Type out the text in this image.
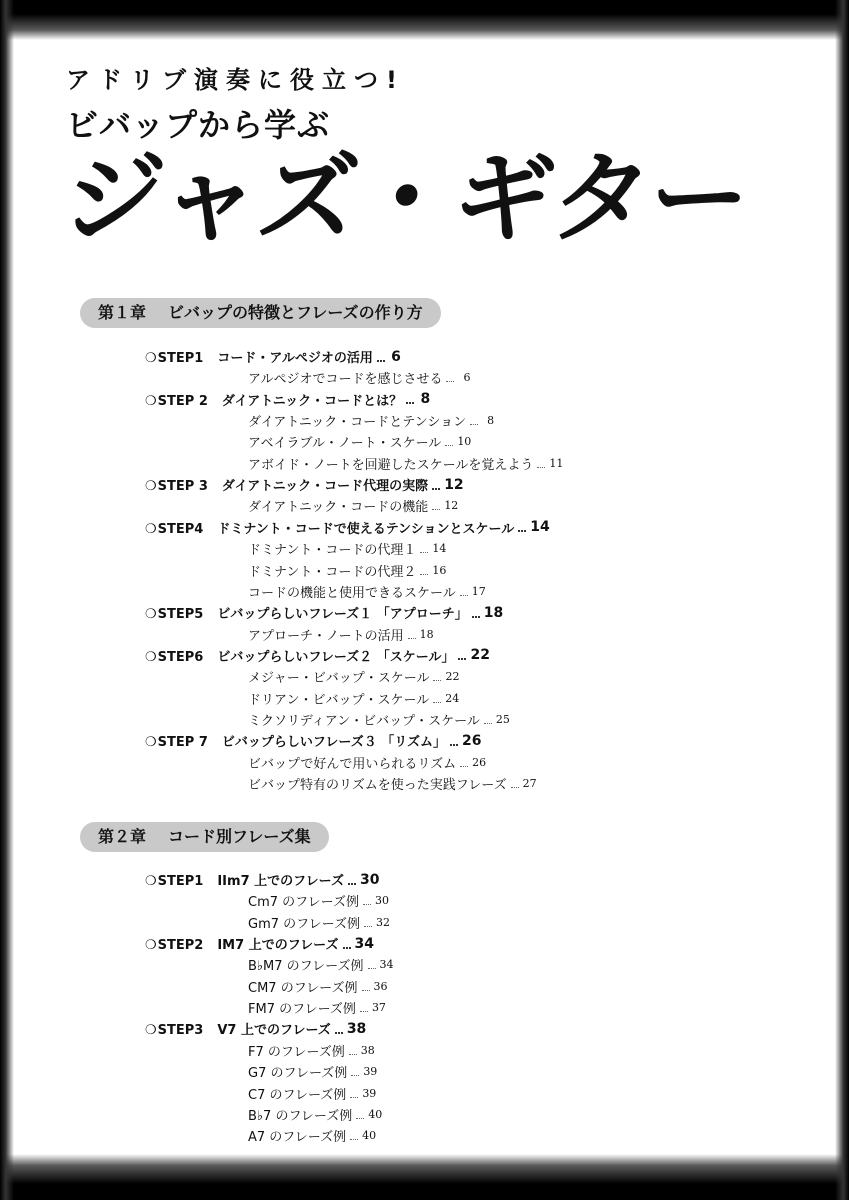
アドリブ演奏に役立つ!
ビバップから学ぶ
ジャズ・ギター
第１章 ビバップの特徴とフレーズの作り方
第２章 コード別フレーズ集
❍STEP1 コード・アルペジオの活用 6
アルペジオでコードを感じさせる	6
❍STEP 2 ダイアトニック・コードとは？ 8
ダイアトニック・コードとテンション	8
アベイラブル・ノート・スケール 10
アボイド・ノートを回避したスケールを覚えよう 11
❍STEP 3 ダイアトニック・コード代理の実際 12
ダイアトニック・コードの機能 12
❍STEP4 ドミナント・コードで使えるテンションとスケール 14
ドミナント・コードの代理１ 14
ドミナント・コードの代理２ 16
コードの機能と使用できるスケール 17
❍STEP5 ビバップらしいフレーズ１ 「アプローチ」 18
アプローチ・ノートの活用 18
❍STEP6 ビバップらしいフレーズ２ 「スケール」 22
メジャー・ビバップ・スケール 22
ドリアン・ビバップ・スケール 24
ミクソリディアン・ビバップ・スケール 25
❍STEP 7 ビバップらしいフレーズ３ 「リズム」 26
ビバップで好んで用いられるリズム 26
ビバップ特有のリズムを使った実践フレーズ 27
❍STEP1 IIm7 上でのフレーズ 30
Cm7 のフレーズ例 30
Gm7 のフレーズ例 32
❍STEP2 IM7 上でのフレーズ 34
B♭M7 のフレーズ例 34
CM7 のフレーズ例 36
FM7 のフレーズ例 37
❍STEP3 V7 上でのフレーズ 38
F7 のフレーズ例 38
G7 のフレーズ例 39
C7 のフレーズ例 39
B♭7 のフレーズ例 40
A7 のフレーズ例 40
